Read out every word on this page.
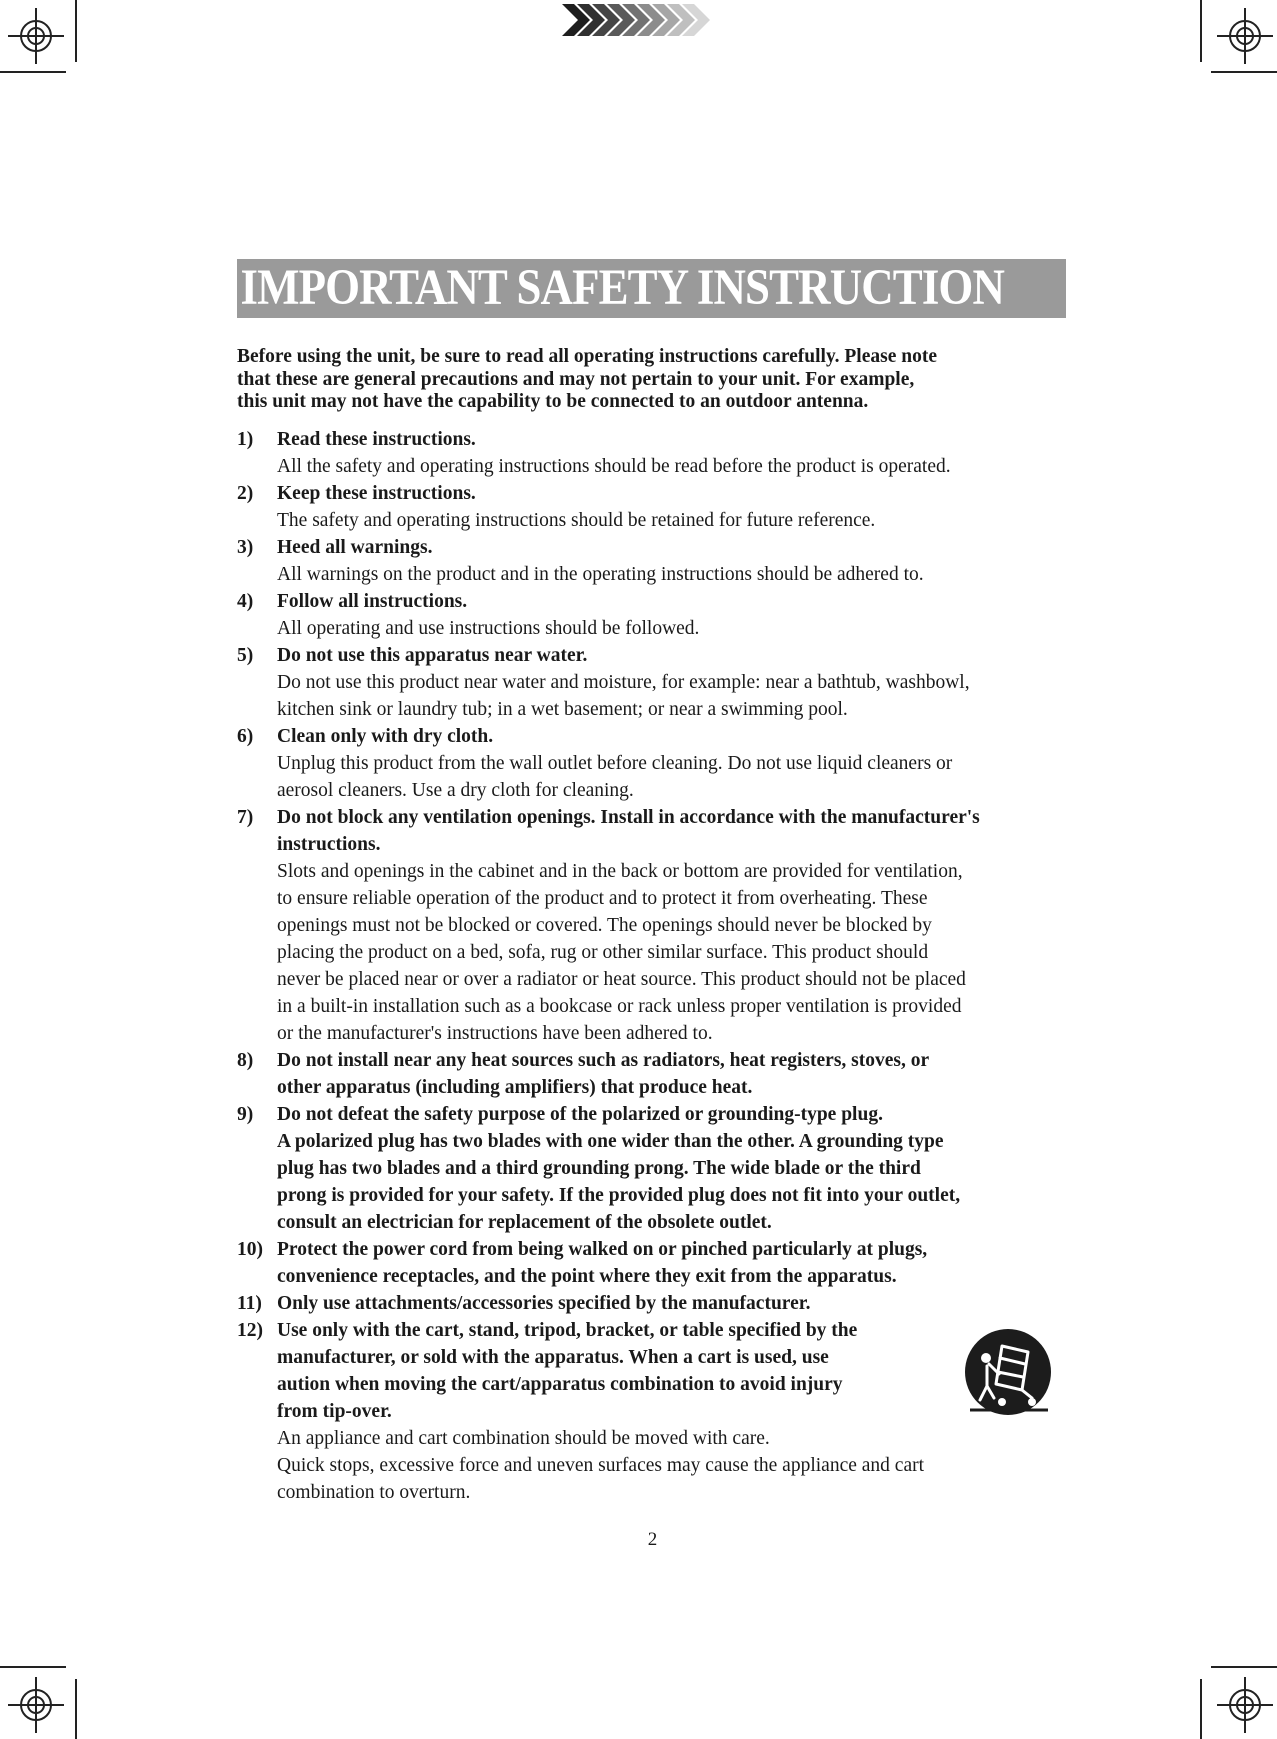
IMPORTANT SAFETY INSTRUCTION

Before using the unit, be sure to read all operating instructions carefully. Please note

that these are general precautions and may not pertain to your unit. For example,

this unit may not have the capability to be connected to an outdoor antenna.

1) Read these instructions.
All the safety and operating instructions should be read before the product is operated.
2) Keep these instructions.
The safety and operating instructions should be retained for future reference.
3) Heed all warnings.
All warnings on the product and in the operating instructions should be adhered to.
4) Follow all instructions.
All operating and use instructions should be followed.
5) Do not use this apparatus near water.
Do not use this product near water and moisture, for example: near a bathtub, washbowl,
kitchen sink or laundry tub; in a wet basement; or near a swimming pool.
6) Clean only with dry cloth.
Unplug this product from the wall outlet before cleaning. Do not use liquid cleaners or
aerosol cleaners. Use a dry cloth for cleaning.
7) Do not block any ventilation openings. Install in accordance with the manufacturer's
instructions.
Slots and openings in the cabinet and in the back or bottom are provided for ventilation,
to ensure reliable operation of the product and to protect it from overheating. These
openings must not be blocked or covered. The openings should never be blocked by
placing the product on a bed, sofa, rug or other similar surface. This product should
never be placed near or over a radiator or heat source. This product should not be placed
in a built-in installation such as a bookcase or rack unless proper ventilation is provided
or the manufacturer's instructions have been adhered to.
8) Do not install near any heat sources such as radiators, heat registers, stoves, or
other apparatus (including amplifiers) that produce heat.
9) Do not defeat the safety purpose of the polarized or grounding-type plug.
A polarized plug has two blades with one wider than the other. A grounding type
plug has two blades and a third grounding prong. The wide blade or the third
prong is provided for your safety. If the provided plug does not fit into your outlet,
consult an electrician for replacement of the obsolete outlet.
10) Protect the power cord from being walked on or pinched particularly at plugs,
convenience receptacles, and the point where they exit from the apparatus.
11) Only use attachments/accessories specified by the manufacturer.
12) Use only with the cart, stand, tripod, bracket, or table specified by the
manufacturer, or sold with the apparatus. When a cart is used, use
aution when moving the cart/apparatus combination to avoid injury
from tip-over.
An appliance and cart combination should be moved with care.
Quick stops, excessive force and uneven surfaces may cause the appliance and cart
combination to overturn.
2
